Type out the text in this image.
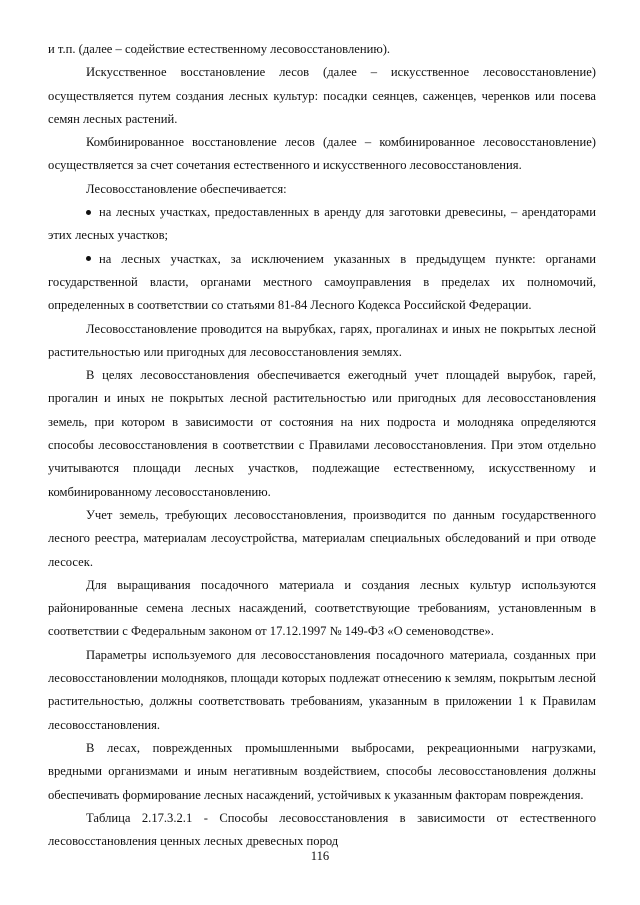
и т.п. (далее – содействие естественному лесовосстановлению).

Искусственное восстановление лесов (далее – искусственное лесовосстановление) осуществляется путем создания лесных культур: посадки сеянцев, саженцев, черенков или посева семян лесных растений.

Комбинированное восстановление лесов (далее – комбинированное лесовосстановление) осуществляется за счет сочетания естественного и искусственного лесовосстановления.

Лесовосстановление обеспечивается:

на лесных участках, предоставленных в аренду для заготовки древесины, – арендаторами этих лесных участков;

на лесных участках, за исключением указанных в предыдущем пункте: органами государственной власти, органами местного самоуправления в пределах их полномочий, определенных в соответствии со статьями 81-84 Лесного Кодекса Российской Федерации.

Лесовосстановление проводится на вырубках, гарях, прогалинах и иных не покрытых лесной растительностью или пригодных для лесовосстановления землях.

В целях лесовосстановления обеспечивается ежегодный учет площадей вырубок, гарей, прогалин и иных не покрытых лесной растительностью или пригодных для лесовосстановления земель, при котором в зависимости от состояния на них подроста и молодняка определяются способы лесовосстановления в соответствии с Правилами лесовосстановления. При этом отдельно учитываются площади лесных участков, подлежащие естественному, искусственному и комбинированному лесовосстановлению.

Учет земель, требующих лесовосстановления, производится по данным государственного лесного реестра, материалам лесоустройства, материалам специальных обследований и при отводе лесосек.

Для выращивания посадочного материала и создания лесных культур используются районированные семена лесных насаждений, соответствующие требованиям, установленным в соответствии с Федеральным законом от 17.12.1997 № 149-ФЗ «О семеноводстве».

Параметры используемого для лесовосстановления посадочного материала, созданных при лесовосстановлении молодняков, площади которых подлежат отнесению к землям, покрытым лесной растительностью, должны соответствовать требованиям, указанным в приложении 1 к Правилам лесовосстановления.

В лесах, поврежденных промышленными выбросами, рекреационными нагрузками, вредными организмами и иным негативным воздействием, способы лесовосстановления должны обеспечивать формирование лесных насаждений, устойчивых к указанным факторам повреждения.

Таблица 2.17.3.2.1 - Способы лесовосстановления в зависимости от естественного лесовосстановления ценных лесных древесных пород

116
